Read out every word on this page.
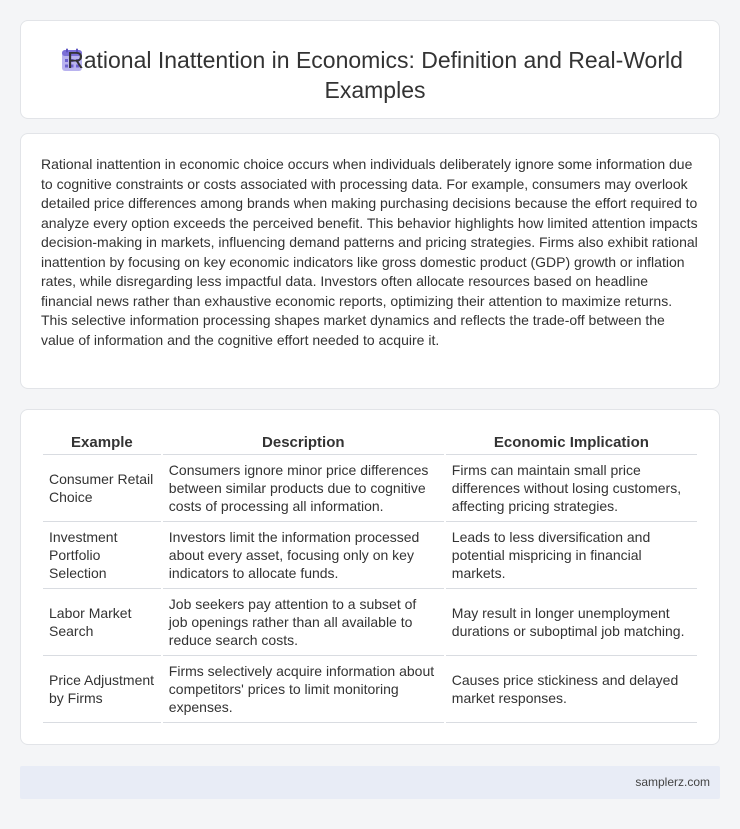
Rational Inattention in Economics: Definition and Real-World Examples

Rational inattention in economic choice occurs when individuals deliberately ignore some information due to cognitive constraints or costs associated with processing data. For example, consumers may overlook detailed price differences among brands when making purchasing decisions because the effort required to analyze every option exceeds the perceived benefit. This behavior highlights how limited attention impacts decision-making in markets, influencing demand patterns and pricing strategies. Firms also exhibit rational inattention by focusing on key economic indicators like gross domestic product (GDP) growth or inflation rates, while disregarding less impactful data. Investors often allocate resources based on headline financial news rather than exhaustive economic reports, optimizing their attention to maximize returns. This selective information processing shapes market dynamics and reflects the trade-off between the value of information and the cognitive effort needed to acquire it.

Example	Description	Economic Implication
Consumer Retail Choice	Consumers ignore minor price differences between similar products due to cognitive costs of processing all information.	Firms can maintain small price differences without losing customers, affecting pricing strategies.
Investment Portfolio Selection	Investors limit the information processed about every asset, focusing only on key indicators to allocate funds.	Leads to less diversification and potential mispricing in financial markets.
Labor Market Search	Job seekers pay attention to a subset of job openings rather than all available to reduce search costs.	May result in longer unemployment durations or suboptimal job matching.
Price Adjustment by Firms	Firms selectively acquire information about competitors' prices to limit monitoring expenses.	Causes price stickiness and delayed market responses.
samplerz.com
